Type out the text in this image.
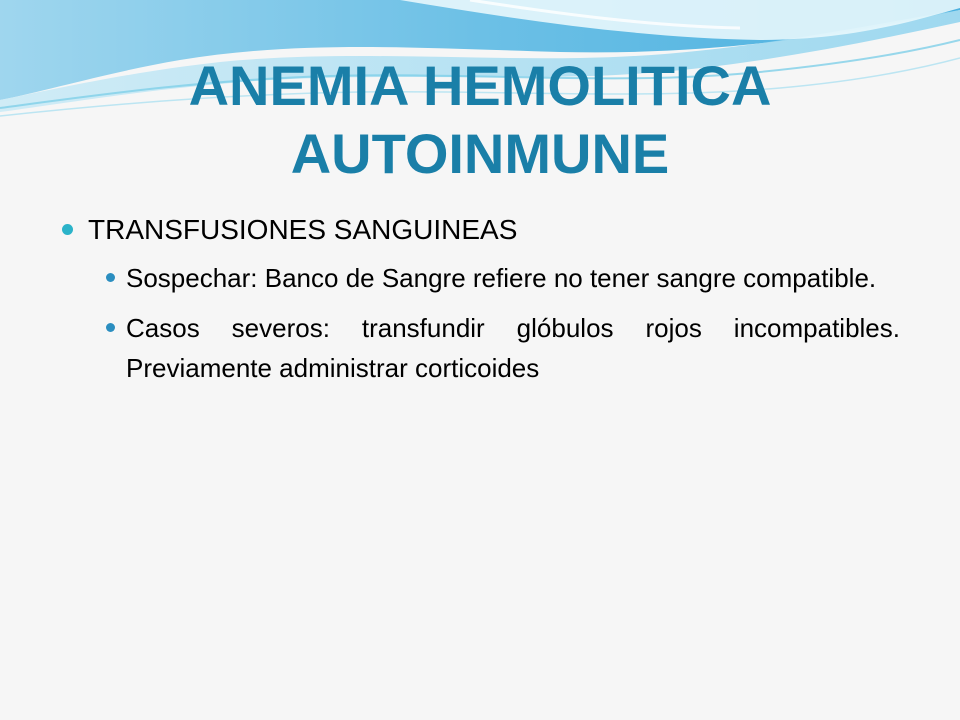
ANEMIA HEMOLITICA
AUTOINMUNE
TRANSFUSIONES SANGUINEAS
Sospechar: Banco de Sangre refiere no tener sangre compatible.
Casos severos: transfundir glóbulos rojos incompatibles. Previamente administrar corticoides
